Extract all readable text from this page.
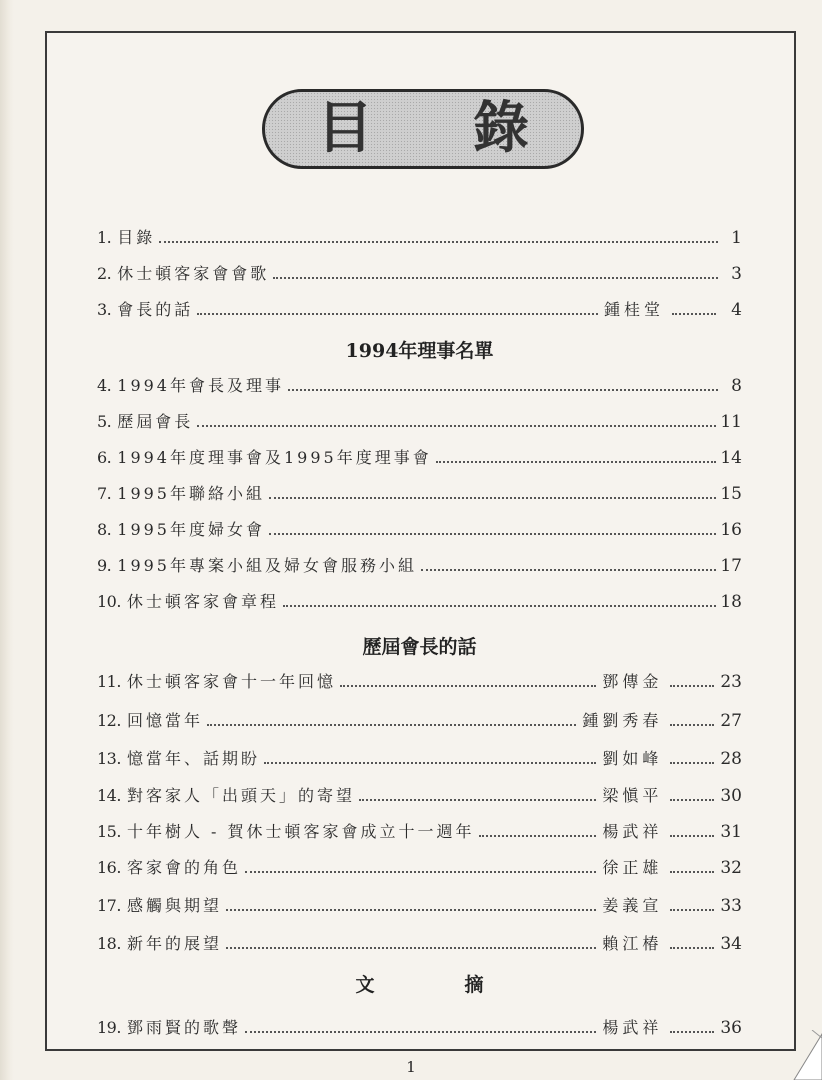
目 錄
1. 目錄	1
2. 休士頓客家會會歌	3
3. 會長的話	鍾桂堂	4
1994年理事名單
4. 1994年會長及理事	8
5. 歷屆會長	11
6. 1994年度理事會及1995年度理事會	14
7. 1995年聯絡小組	15
8. 1995年度婦女會	16
9. 1995年專案小組及婦女會服務小組	17
10. 休士頓客家會章程	18
歷屆會長的話
11. 休士頓客家會十一年回憶	鄧傳金	23
12. 回憶當年	鍾劉秀春	27
13. 憶當年、話期盼	劉如峰	28
14. 對客家人「出頭天」的寄望	梁愼平	30
15. 十年樹人 - 賀休士頓客家會成立十一週年	楊武祥	31
16. 客家會的角色	徐正雄	32
17. 感觸與期望	姜義宣	33
18. 新年的展望	賴江椿	34
文摘
19. 鄧雨賢的歌聲	楊武祥	36
1
